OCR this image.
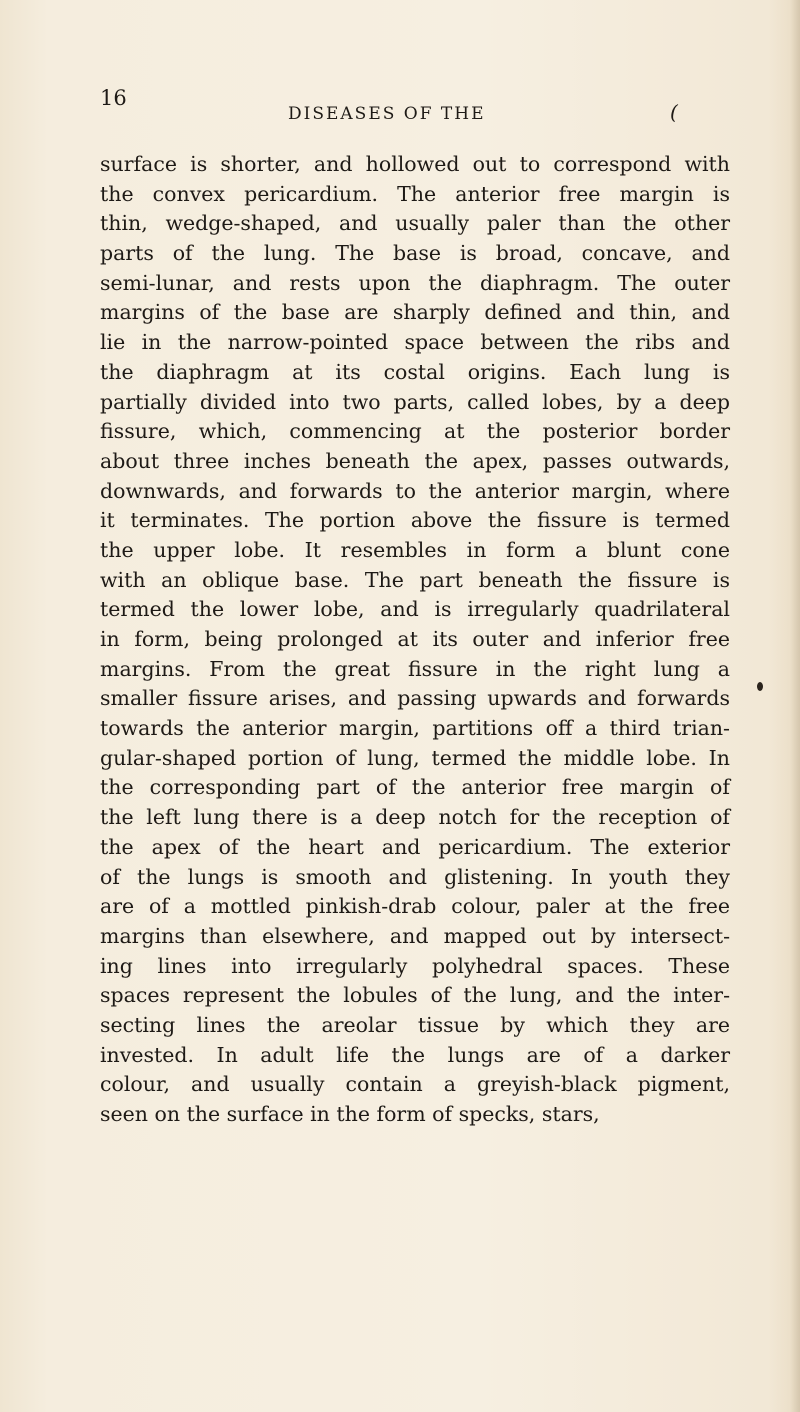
16
DISEASES OF THE	(
surface is shorter, and hollowed out to correspond with
the convex pericardium. The anterior free margin is
thin, wedge-shaped, and usually paler than the other
parts of the lung. The base is broad, concave, and
semi-lunar, and rests upon the diaphragm. The outer
margins of the base are sharply defined and thin, and
lie in the narrow-pointed space between the ribs and
the diaphragm at its costal origins. Each lung is
partially divided into two parts, called lobes, by a deep
fissure, which, commencing at the posterior border
about three inches beneath the apex, passes outwards,
downwards, and forwards to the anterior margin, where
it terminates. The portion above the fissure is termed
the upper lobe. It resembles in form a blunt cone
with an oblique base. The part beneath the fissure is
termed the lower lobe, and is irregularly quadrilateral
in form, being prolonged at its outer and inferior free
margins. From the great fissure in the right lung a
smaller fissure arises, and passing upwards and forwards
towards the anterior margin, partitions off a third trian-
gular-shaped portion of lung, termed the middle lobe. In
the corresponding part of the anterior free margin of
the left lung there is a deep notch for the reception of
the apex of the heart and pericardium. The exterior
of the lungs is smooth and glistening. In youth they
are of a mottled pinkish-drab colour, paler at the free
margins than elsewhere, and mapped out by intersect-
ing lines into irregularly polyhedral spaces. These
spaces represent the lobules of the lung, and the inter-
secting lines the areolar tissue by which they are
invested. In adult life the lungs are of a darker
colour, and usually contain a greyish-black pigment,
seen on the surface in the form of specks, stars,
